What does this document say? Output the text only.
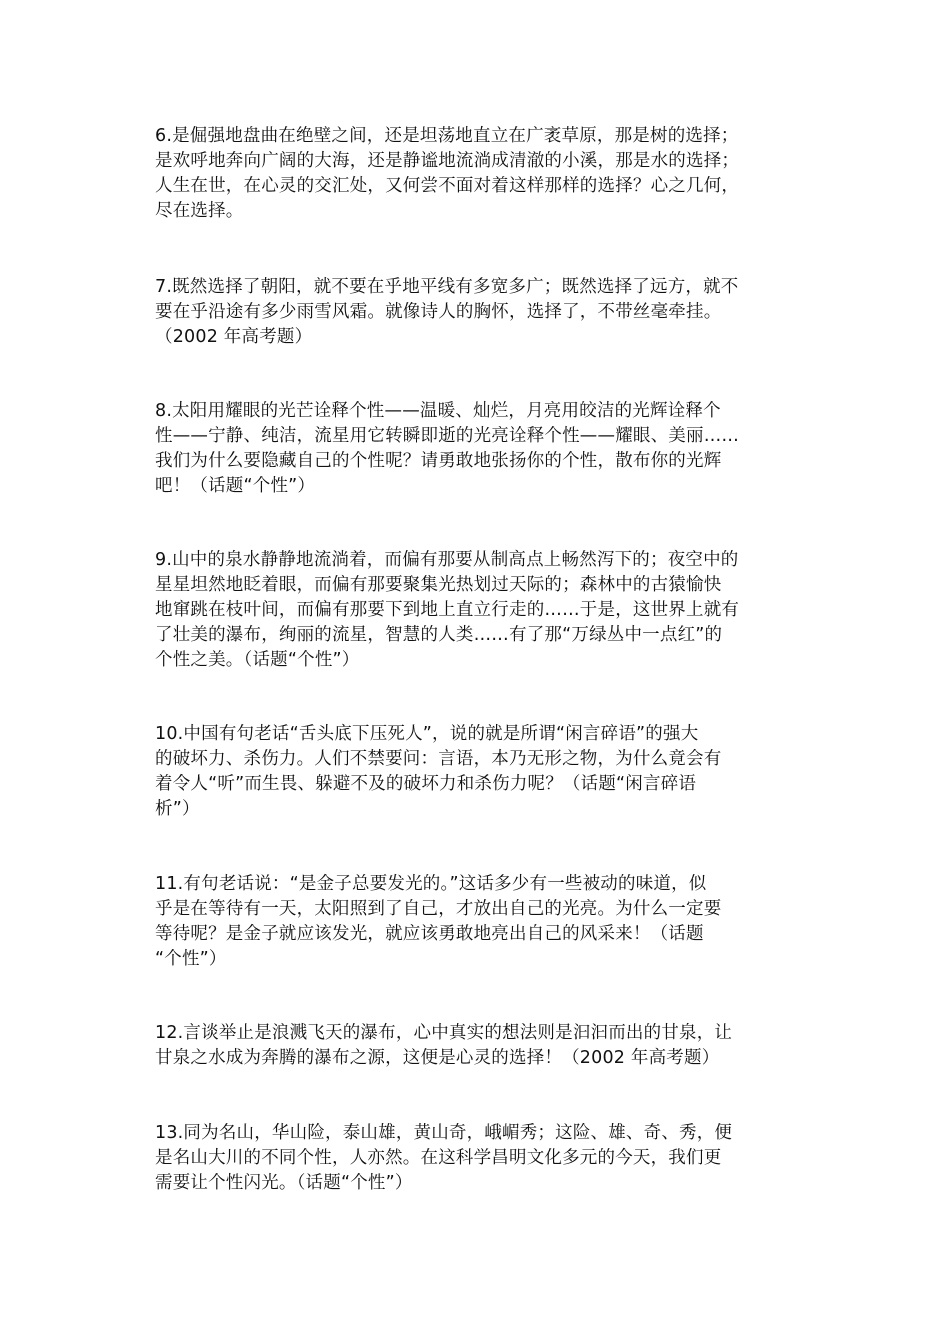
6.是倔强地盘曲在绝壁之间，还是坦荡地直立在广袤草原，那是树的选择；
是欢呼地奔向广阔的大海，还是静谧地流淌成清澈的小溪，那是水的选择；
人生在世，在心灵的交汇处，又何尝不面对着这样那样的选择？心之几何，
尽在选择。

7.既然选择了朝阳，就不要在乎地平线有多宽多广；既然选择了远方，就不
要在乎沿途有多少雨雪风霜。就像诗人的胸怀，选择了，不带丝毫牵挂。
（2002 年高考题）

8.太阳用耀眼的光芒诠释个性——温暖、灿烂，月亮用皎洁的光辉诠释个
性——宁静、纯洁，流星用它转瞬即逝的光亮诠释个性——耀眼、美丽……
我们为什么要隐藏自己的个性呢？请勇敢地张扬你的个性，散布你的光辉
吧！（话题“个性”）

9.山中的泉水静静地流淌着，而偏有那要从制高点上畅然泻下的；夜空中的
星星坦然地眨着眼，而偏有那要聚集光热划过天际的；森林中的古猿愉快
地窜跳在枝叶间，而偏有那要下到地上直立行走的……于是，这世界上就有
了壮美的瀑布，绚丽的流星，智慧的人类……有了那“万绿丛中一点红”的
个性之美。（话题“个性”）

10.中国有句老话“舌头底下压死人”，说的就是所谓“闲言碎语”的强大
的破坏力、杀伤力。人们不禁要问：言语，本乃无形之物，为什么竟会有
着令人“听”而生畏、躲避不及的破坏力和杀伤力呢？（话题“闲言碎语
析”）

11.有句老话说：“是金子总要发光的。”这话多少有一些被动的味道，似
乎是在等待有一天，太阳照到了自己，才放出自己的光亮。为什么一定要
等待呢？是金子就应该发光，就应该勇敢地亮出自己的风采来！（话题
“个性”）

12.言谈举止是浪溅飞天的瀑布，心中真实的想法则是汩汩而出的甘泉，让
甘泉之水成为奔腾的瀑布之源，这便是心灵的选择！（2002 年高考题）

13.同为名山，华山险，泰山雄，黄山奇，峨嵋秀；这险、雄、奇、秀，便
是名山大川的不同个性，人亦然。在这科学昌明文化多元的今天，我们更
需要让个性闪光。（话题“个性”）
